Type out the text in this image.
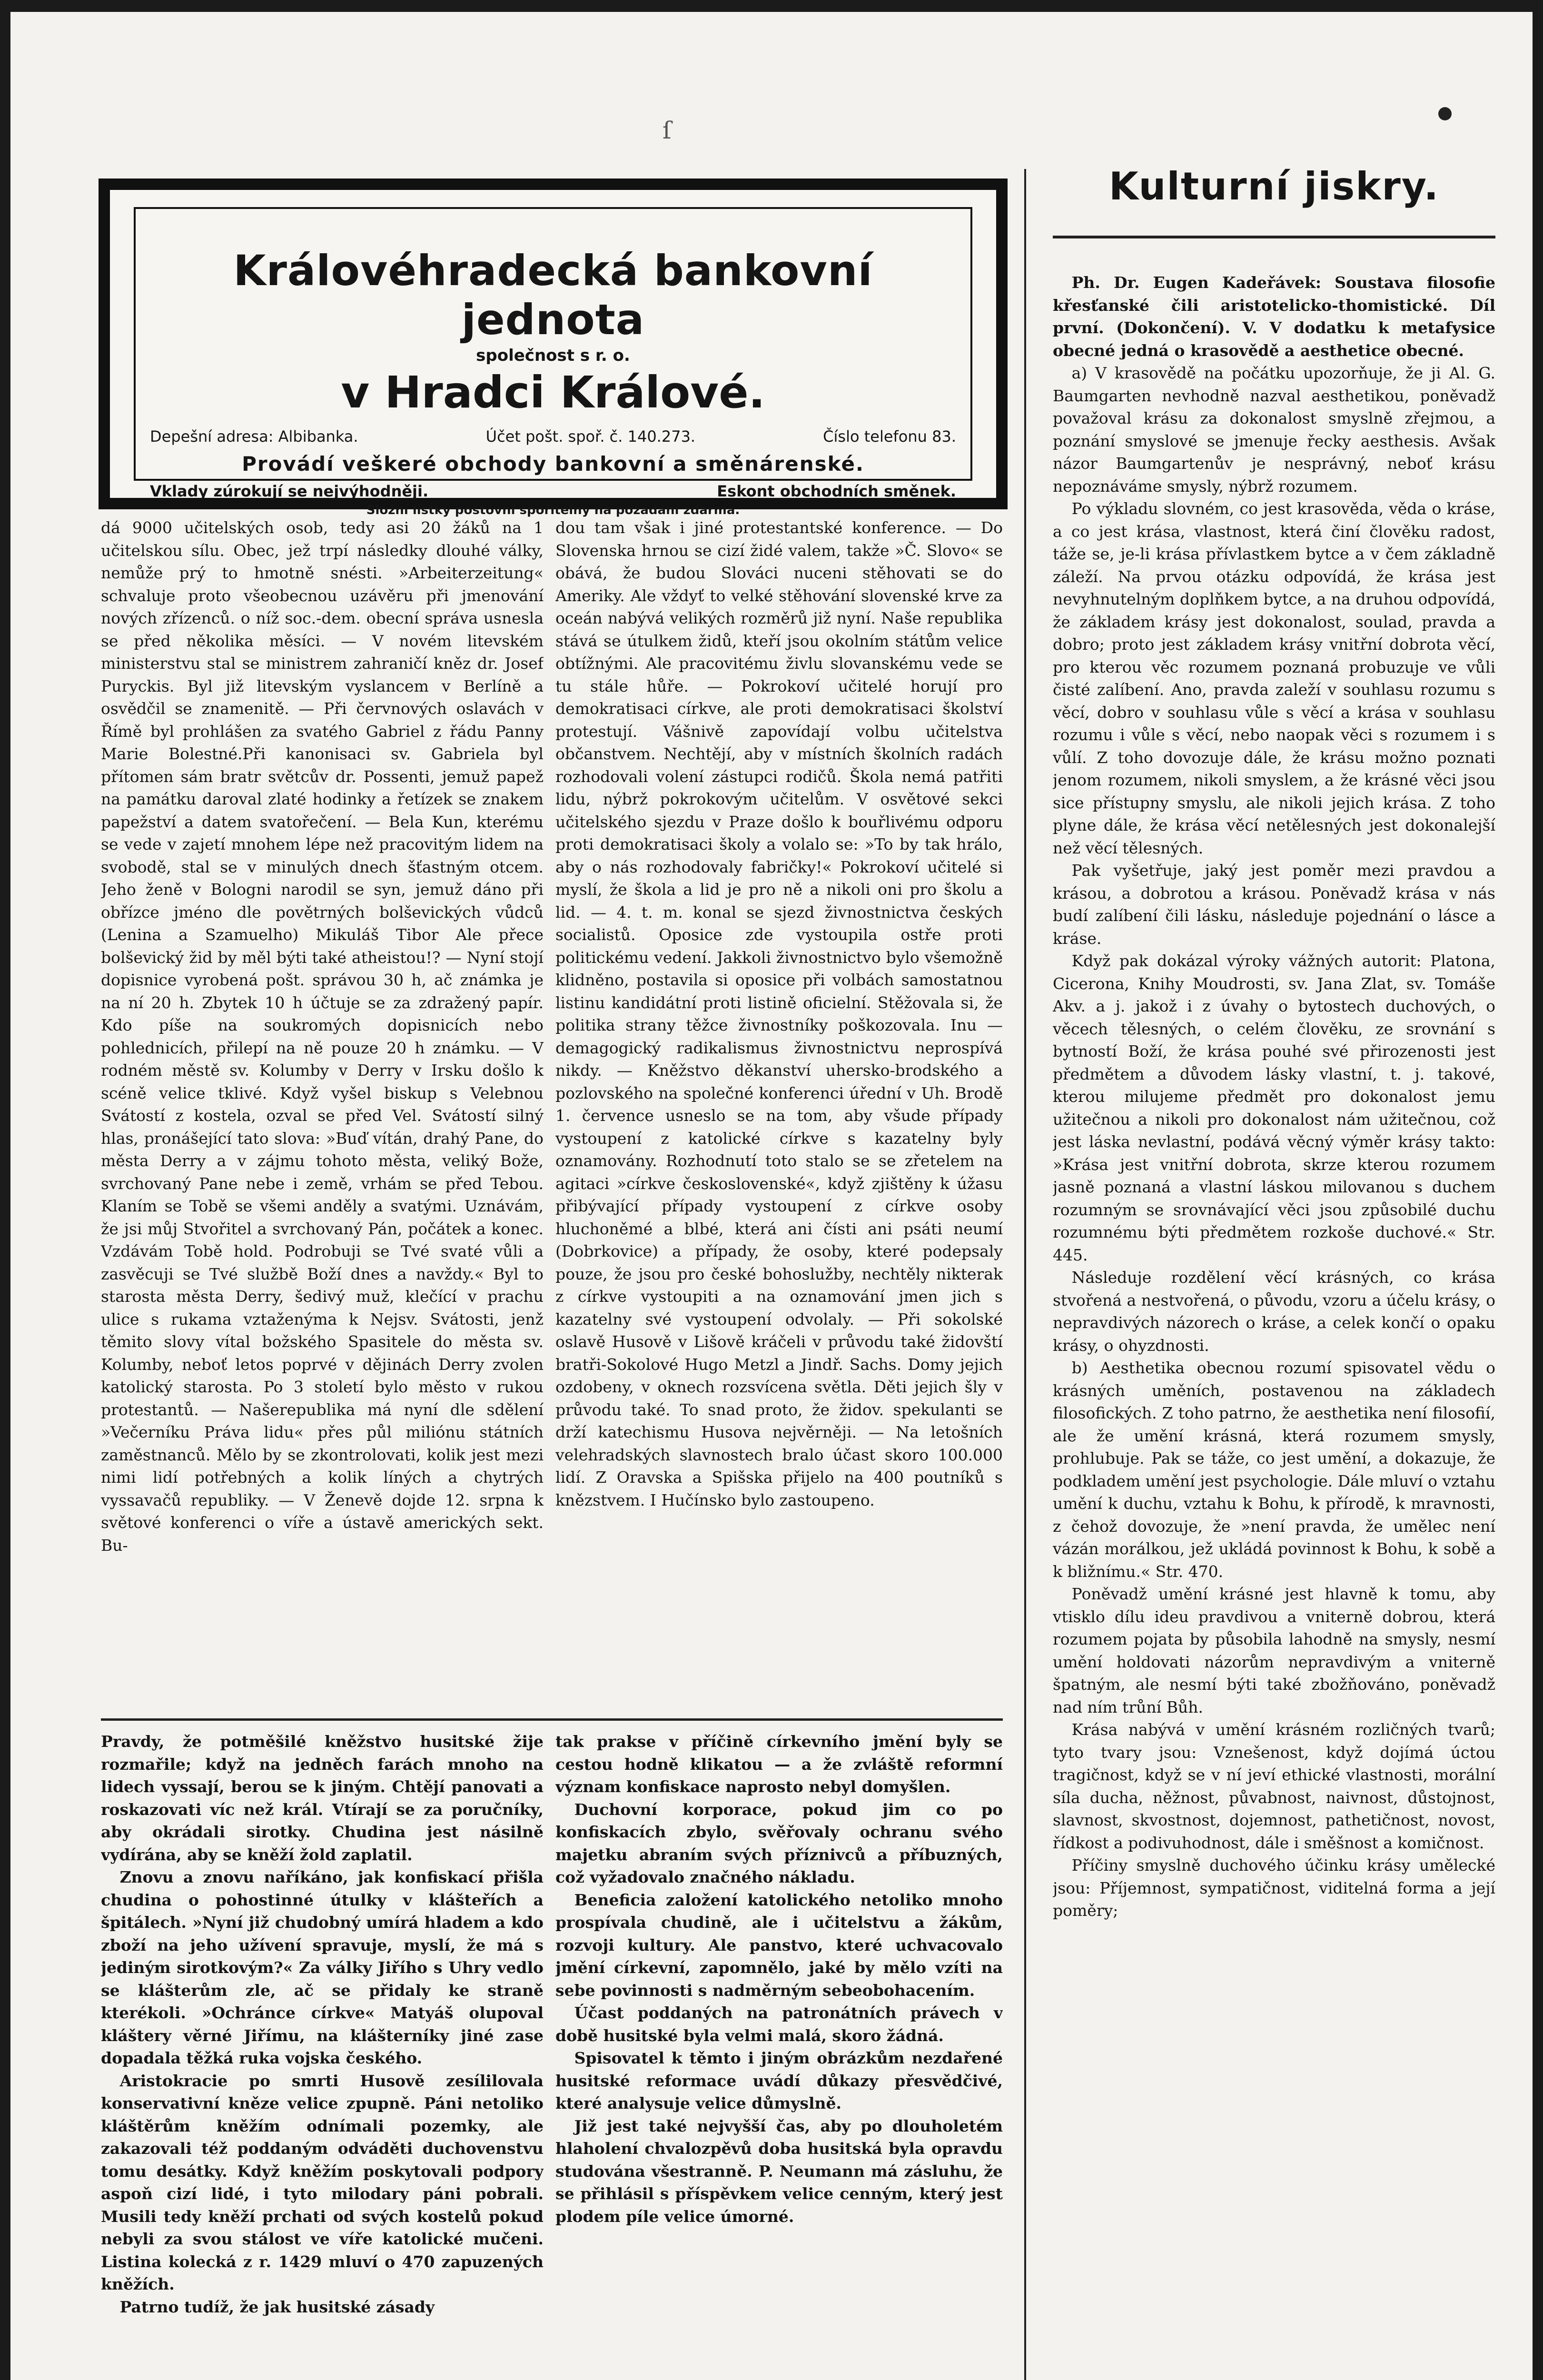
ſ
Královéhradecká bankovní jednota
společnost s r. o.
v Hradci Králové.
Depešní adresa: Albibanka.	Účet pošt. spoř. č. 140.273.	Číslo telefonu 83.
Provádí veškeré obchody bankovní a směnárenské.
Vklady zúrokují se nejvýhodněji.	Eskont obchodních směnek.
Složní lístky poštovní spořitelny na požádání zdarma.
Kulturní jiskry.

dá 9000 učitelských osob, tedy asi 20 žáků na 1 učitelskou sílu. Obec, jež trpí následky dlouhé války, nemůže prý to hmotně snésti. »Arbeiterzeitung« schvaluje proto všeobecnou uzávěru při jmenování nových zřízenců. o níž soc.-dem. obecní správa usnesla se před několika měsíci. — V novém litevském ministerstvu stal se ministrem zahraničí kněz dr. Josef Puryckis. Byl již litevským vyslancem v Berlíně a osvědčil se znamenitě. — Při červnových oslavách v Římě byl prohlášen za svatého Gabriel z řádu Panny Marie Bolestné.Při kanonisaci sv. Gabriela byl přítomen sám bratr světcův dr. Possenti, jemuž papež na památku daroval zlaté hodinky a řetízek se znakem papežství a datem svatořečení. — Bela Kun, kterému se vede v zajetí mnohem lépe než pracovitým lidem na svobodě, stal se v minulých dnech šťastným otcem. Jeho ženě v Bologni narodil se syn, jemuž dáno při obřízce jméno dle povětrných bolševických vůdců (Lenina a Szamuelho) Mikuláš Tibor Ale přece bolševický žid by měl býti také atheistou!? — Nyní stojí dopisnice vyrobená pošt. správou 30 h, ač známka je na ní 20 h. Zbytek 10 h účtuje se za zdražený papír. Kdo píše na soukromých dopisnicích nebo pohlednicích, přilepí na ně pouze 20 h známku. — V rodném městě sv. Kolumby v Derry v Irsku došlo k scéně velice tklivé. Když vyšel biskup s Velebnou Svátostí z kostela, ozval se před Vel. Svátostí silný hlas, pronášející tato slova: »Buď vítán, drahý Pane, do města Derry a v zájmu tohoto města, veliký Bože, svrchovaný Pane nebe i země, vrhám se před Tebou. Klaním se Tobě se všemi anděly a svatými. Uznávám, že jsi můj Stvořitel a svrchovaný Pán, počátek a konec. Vzdávám Tobě hold. Podrobuji se Tvé svaté vůli a zasvěcuji se Tvé službě Boží dnes a navždy.« Byl to starosta města Derry, šedivý muž, klečící v prachu ulice s rukama vztaženýma k Nejsv. Svátosti, jenž těmito slovy vítal božského Spasitele do města sv. Kolumby, neboť letos poprvé v dějinách Derry zvolen katolický starosta. Po 3 století bylo město v rukou protestantů. — Našerepublika má nyní dle sdělení »Večerníku Práva lidu« přes půl miliónu státních zaměstnanců. Mělo by se zkontrolovati, kolik jest mezi nimi lidí potřebných a kolik líných a chytrých vyssavačů republiky. — V Ženevě dojde 12. srpna k světové konferenci o víře a ústavě amerických sekt. Bu-

dou tam však i jiné protestantské konference. — Do Slovenska hrnou se cizí židé valem, takže »Č. Slovo« se obává, že budou Slováci nuceni stěhovati se do Ameriky. Ale vždyť to velké stěhování slovenské krve za oceán nabývá velikých rozměrů již nyní. Naše republika stává se útulkem židů, kteří jsou okolním státům velice obtížnými. Ale pracovitému živlu slovanskému vede se tu stále hůře. — Pokrokoví učitelé horují pro demokratisaci církve, ale proti demokratisaci školství protestují. Vášnivě zapovídají volbu učitelstva občanstvem. Nechtějí, aby v místních školních radách rozhodovali volení zástupci rodičů. Škola nemá patřiti lidu, nýbrž pokrokovým učitelům. V osvětové sekci učitelského sjezdu v Praze došlo k bouřlivému odporu proti demokratisaci školy a volalo se: »To by tak hrálo, aby o nás rozhodovaly fabričky!« Pokrokoví učitelé si myslí, že škola a lid je pro ně a nikoli oni pro školu a lid. — 4. t. m. konal se sjezd živnostnictva českých socialistů. Oposice zde vystoupila ostře proti politickému vedení. Jakkoli živnostnictvo bylo všemožně klidněno, postavila si oposice při volbách samostatnou listinu kandidátní proti listině oficielní. Stěžovala si, že politika strany těžce živnostníky poškozovala. Inu — demagogický radikalismus živnostnictvu neprospívá nikdy. — Kněžstvo děkanství uhersko-brodského a pozlovského na společné konferenci úřední v Uh. Brodě 1. července usneslo se na tom, aby všude případy vystoupení z katolické církve s kazatelny byly oznamovány. Rozhodnutí toto stalo se se zřetelem na agitaci »církve československé«, když zjištěny k úžasu přibývající případy vystoupení z církve osoby hluchoněmé a blbé, která ani čísti ani psáti neumí (Dobrkovice) a případy, že osoby, které podepsaly pouze, že jsou pro české bohoslužby, nechtěly nikterak z církve vystoupiti a na oznamování jmen jich s kazatelny své vystoupení odvolaly. — Při sokolské oslavě Husově v Lišově kráčeli v průvodu také židovští bratři-Sokolové Hugo Metzl a Jindř. Sachs. Domy jejich ozdobeny, v oknech rozsvícena světla. Děti jejich šly v průvodu také. To snad proto, že židov. spekulanti se drží katechismu Husova nejvěrněji. — Na letošních velehradských slavnostech bralo účast skoro 100.000 lidí. Z Oravska a Spišska přijelo na 400 poutníků s knězstvem. I Hučínsko bylo zastoupeno.

Ph. Dr. Eugen Kadeřávek: Soustava filosofie křesťanské čili aristotelicko-thomistické. Díl první. (Dokončení). V. V dodatku k metafysice obecné jedná o krasovědě a aesthetice obecné.

a) V krasovědě na počátku upozorňuje, že ji Al. G. Baumgarten nevhodně nazval aesthetikou, poněvadž považoval krásu za dokonalost smyslně zřejmou, a poznání smyslové se jmenuje řecky aesthesis. Avšak názor Baumgartenův je nesprávný, neboť krásu nepoznáváme smysly, nýbrž rozumem.

Po výkladu slovném, co jest krasověda, věda o kráse, a co jest krása, vlastnost, která činí člověku radost, táže se, je-li krása přívlastkem bytce a v čem základně záleží. Na prvou otázku odpovídá, že krása jest nevyhnutelným doplňkem bytce, a na druhou odpovídá, že základem krásy jest dokonalost, soulad, pravda a dobro; proto jest základem krásy vnitřní dobrota věcí, pro kterou věc rozumem poznaná probuzuje ve vůli čisté zalíbení. Ano, pravda zaleží v souhlasu rozumu s věcí, dobro v souhlasu vůle s věcí a krása v souhlasu rozumu i vůle s věcí, nebo naopak věci s rozumem i s vůlí. Z toho dovozuje dále, že krásu možno poznati jenom rozumem, nikoli smyslem, a že krásné věci jsou sice přístupny smyslu, ale nikoli jejich krása. Z toho plyne dále, že krása věcí netělesných jest dokonalejší než věcí tělesných.

Pak vyšetřuje, jaký jest poměr mezi pravdou a krásou, a dobrotou a krásou. Poněvadž krása v nás budí zalíbení čili lásku, následuje pojednání o lásce a kráse.

Když pak dokázal výroky vážných autorit: Platona, Cicerona, Knihy Moudrosti, sv. Jana Zlat, sv. Tomáše Akv. a j. jakož i z úvahy o bytostech duchových, o věcech tělesných, o celém člověku, ze srovnání s bytností Boží, že krása pouhé své přirozenosti jest předmětem a důvodem lásky vlastní, t. j. takové, kterou milujeme předmět pro dokonalost jemu užitečnou a nikoli pro dokonalost nám užitečnou, což jest láska nevlastní, podává věcný výměr krásy takto: »Krása jest vnitřní dobrota, skrze kterou rozumem jasně poznaná a vlastní láskou milovanou s duchem rozumným se srovnávající věci jsou způsobilé duchu rozumnému býti předmětem rozkoše duchové.« Str. 445.

Následuje rozdělení věcí krásných, co krása stvořená a nestvořená, o původu, vzoru a účelu krásy, o nepravdivých názorech o kráse, a celek končí o opaku krásy, o ohyzdnosti.

b) Aesthetika obecnou rozumí spisovatel vědu o krásných uměních, postavenou na základech filosofických. Z toho patrno, že aesthetika není filosofií, ale že umění krásná, která rozumem smysly, prohlubuje. Pak se táže, co jest umění, a dokazuje, že podkladem umění jest psychologie. Dále mluví o vztahu umění k duchu, vztahu k Bohu, k přírodě, k mravnosti, z čehož dovozuje, že »není pravda, že umělec není vázán morálkou, jež ukládá povinnost k Bohu, k sobě a k bližnímu.« Str. 470.

Poněvadž umění krásné jest hlavně k tomu, aby vtisklo dílu ideu pravdivou a vniterně dobrou, která rozumem pojata by působila lahodně na smysly, nesmí umění holdovati názorům nepravdivým a vniterně špatným, ale nesmí býti také zbožňováno, poněvadž nad ním trůní Bůh.

Krása nabývá v umění krásném rozličných tvarů; tyto tvary jsou: Vznešenost, když dojímá úctou tragičnost, když se v ní jeví ethické vlastnosti, morální síla ducha, něžnost, půvabnost, naivnost, důstojnost, slavnost, skvostnost, dojemnost, pathetičnost, novost, řídkost a podivuhodnost, dále i směšnost a komičnost.

Příčiny smyslně duchového účinku krásy umělecké jsou: Příjemnost, sympatičnost, viditelná forma a její poměry;

Pravdy, že potměšilé kněžstvo husitské žije rozmařile; když na jedněch farách mnoho na lidech vyssají, berou se k jiným. Chtějí panovati a roskazovati víc než král. Vtírají se za poručníky, aby okrádali sirotky. Chudina jest násilně vydírána, aby se kněží žold zaplatil.

Znovu a znovu naříkáno, jak konfiskací přišla chudina o pohostinné útulky v klášteřích a špitálech. »Nyní již chudobný umírá hladem a kdo zboží na jeho užívení spravuje, myslí, že má s jediným sirotkovým?« Za války Jiřího s Uhry vedlo se klášterům zle, ač se přidaly ke straně kterékoli. »Ochránce církve« Matyáš olupoval kláštery věrné Jiřímu, na klášterníky jiné zase dopadala těžká ruka vojska českého.

Aristokracie po smrti Husově zesílilovala konservativní kněze velice zpupně. Páni netoliko kláštěrům kněžím odnímali pozemky, ale zakazovali též poddaným odváděti duchovenstvu tomu desátky. Když kněžím poskytovali podpory aspoň cizí lidé, i tyto milodary páni pobrali. Musili tedy kněží prchati od svých kostelů pokud nebyli za svou stálost ve víře katolické mučeni. Listina kolecká z r. 1429 mluví o 470 zapuzených kněžích.

Patrno tudíž, že jak husitské zásady

tak prakse v příčině církevního jmění byly se cestou hodně klikatou — a že zvláště reformní význam konfiskace naprosto nebyl domyšlen.

Duchovní korporace, pokud jim co po konfiskacích zbylo, svěřovaly ochranu svého majetku abraním svých příznivců a příbuzných, což vyžadovalo značného nákladu.

Beneficia založení katolického netoliko mnoho prospívala chudině, ale i učitelstvu a žákům, rozvoji kultury. Ale panstvo, které uchvacovalo jmění církevní, zapomnělo, jaké by mělo vzíti na sebe povinnosti s nadměrným sebeobohacením.

Účast poddaných na patronátních právech v době husitské byla velmi malá, skoro žádná.

Spisovatel k těmto i jiným obrázkům nezdařené husitské reformace uvádí důkazy přesvědčivé, které analysuje velice důmyslně.

Již jest také nejvyšší čas, aby po dlouholetém hlaholení chvalozpěvů doba husitská byla opravdu studována všestranně. P. Neumann má zásluhu, že se přihlásil s příspěvkem velice cenným, který jest plodem píle velice úmorné.
